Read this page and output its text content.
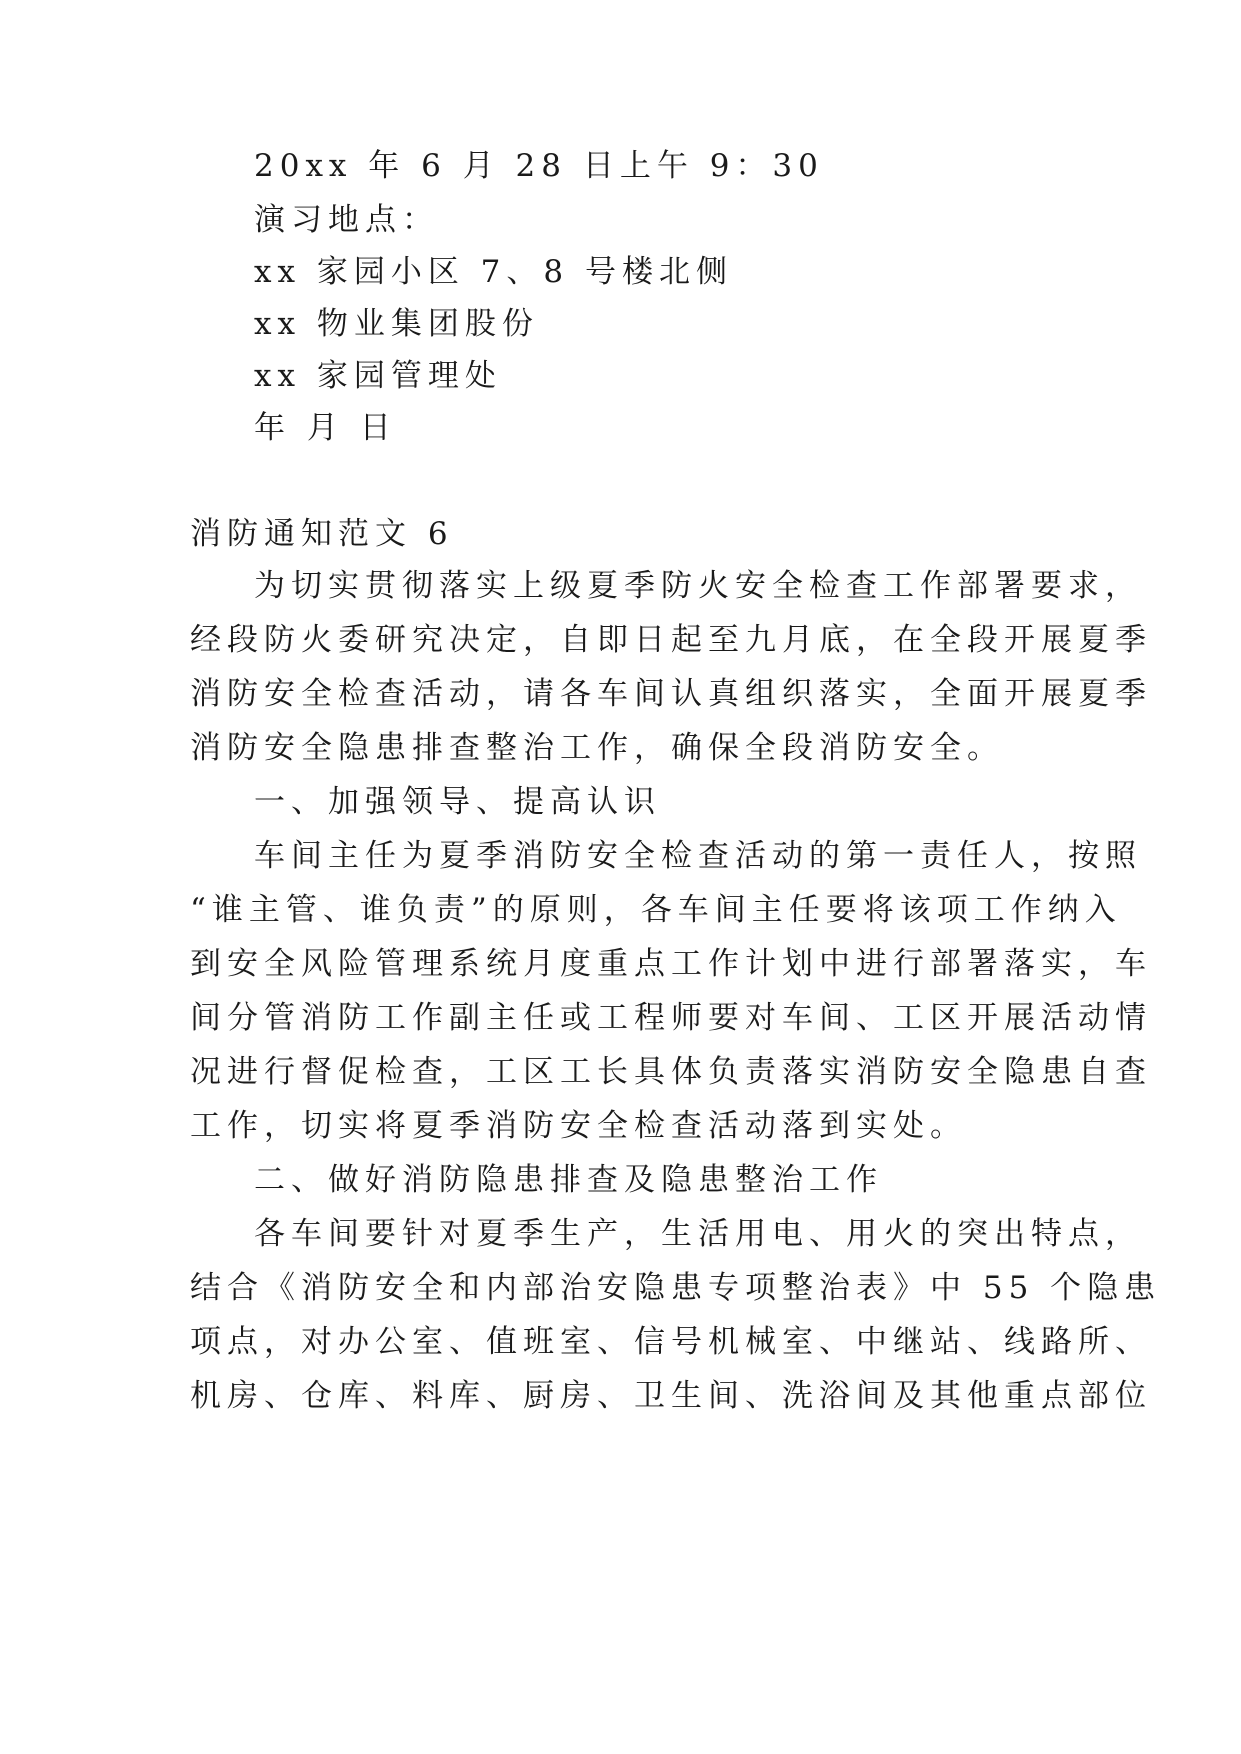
20xx 年 6 月 28 日上午 9：30
演习地点：
xx 家园小区 7、8 号楼北侧
xx 物业集团股份
xx 家园管理处
年 月 日
消防通知范文 6
为切实贯彻落实上级夏季防火安全检查工作部署要求，
经段防火委研究决定，自即日起至九月底，在全段开展夏季
消防安全检查活动，请各车间认真组织落实，全面开展夏季
消防安全隐患排查整治工作，确保全段消防安全。
一、加强领导、提高认识
车间主任为夏季消防安全检查活动的第一责任人，按照
“谁主管、谁负责”的原则，各车间主任要将该项工作纳入
到安全风险管理系统月度重点工作计划中进行部署落实，车
间分管消防工作副主任或工程师要对车间、工区开展活动情
况进行督促检查，工区工长具体负责落实消防安全隐患自查
工作，切实将夏季消防安全检查活动落到实处。
二、做好消防隐患排查及隐患整治工作
各车间要针对夏季生产，生活用电、用火的突出特点，
结合《消防安全和内部治安隐患专项整治表》中 55 个隐患
项点，对办公室、值班室、信号机械室、中继站、线路所、
机房、仓库、料库、厨房、卫生间、洗浴间及其他重点部位
